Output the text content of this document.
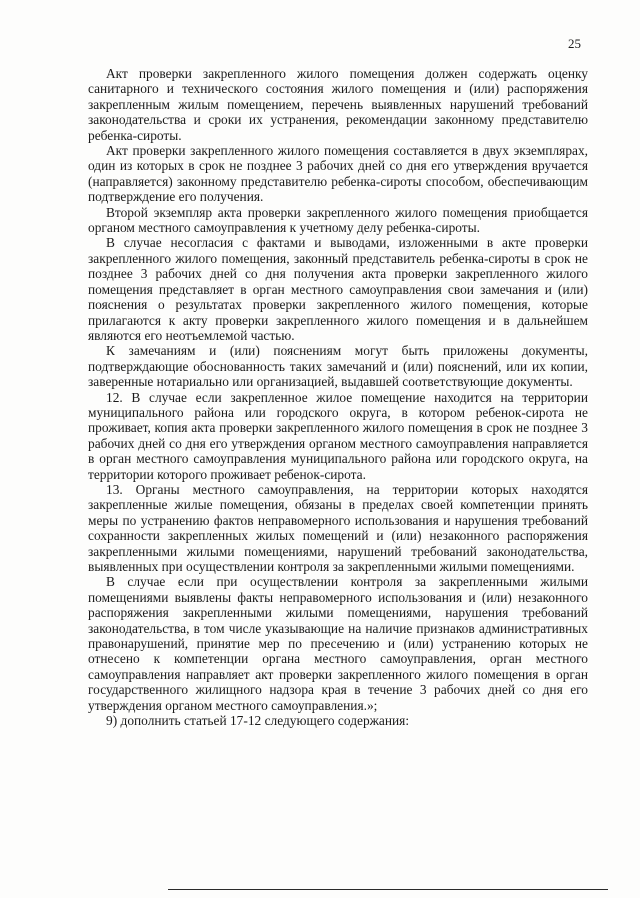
25

Акт проверки закрепленного жилого помещения должен содержать оценку санитарного и технического состояния жилого помещения и (или) распоряжения закрепленным жилым помещением, перечень выявленных нарушений требований законодательства и сроки их устранения, рекомендации законному представителю ребенка-сироты.

Акт проверки закрепленного жилого помещения составляется в двух экземплярах, один из которых в срок не позднее 3 рабочих дней со дня его утверждения вручается (направляется) законному представителю ребенка-сироты способом, обеспечивающим подтверждение его получения.

Второй экземпляр акта проверки закрепленного жилого помещения приобщается органом местного самоуправления к учетному делу ребенка-сироты.

В случае несогласия с фактами и выводами, изложенными в акте проверки закрепленного жилого помещения, законный представитель ребенка-сироты в срок не позднее 3 рабочих дней со дня получения акта проверки закрепленного жилого помещения представляет в орган местного самоуправления свои замечания и (или) пояснения о результатах проверки закрепленного жилого помещения, которые прилагаются к акту проверки закрепленного жилого помещения и в дальнейшем являются его неотъемлемой частью.

К замечаниям и (или) пояснениям могут быть приложены документы, подтверждающие обоснованность таких замечаний и (или) пояснений, или их копии, заверенные нотариально или организацией, выдавшей соответствующие документы.

12. В случае если закрепленное жилое помещение находится на территории муниципального района или городского округа, в котором ребенок-сирота не проживает, копия акта проверки закрепленного жилого помещения в срок не позднее 3 рабочих дней со дня его утверждения органом местного самоуправления направляется в орган местного самоуправления муниципального района или городского округа, на территории которого проживает ребенок-сирота.

13. Органы местного самоуправления, на территории которых находятся закрепленные жилые помещения, обязаны в пределах своей компетенции принять меры по устранению фактов неправомерного использования и нарушения требований сохранности закрепленных жилых помещений и (или) незаконного распоряжения закрепленными жилыми помещениями, нарушений требований законодательства, выявленных при осуществлении контроля за закрепленными жилыми помещениями.

В случае если при осуществлении контроля за закрепленными жилыми помещениями выявлены факты неправомерного использования и (или) незаконного распоряжения закрепленными жилыми помещениями, нарушения требований законодательства, в том числе указывающие на наличие признаков административных правонарушений, принятие мер по пресечению и (или) устранению которых не отнесено к компетенции органа местного самоуправления, орган местного самоуправления направляет акт проверки закрепленного жилого помещения в орган государственного жилищного надзора края в течение 3 рабочих дней со дня его утверждения органом местного самоуправления.»;

9) дополнить статьей 17-12 следующего содержания:
